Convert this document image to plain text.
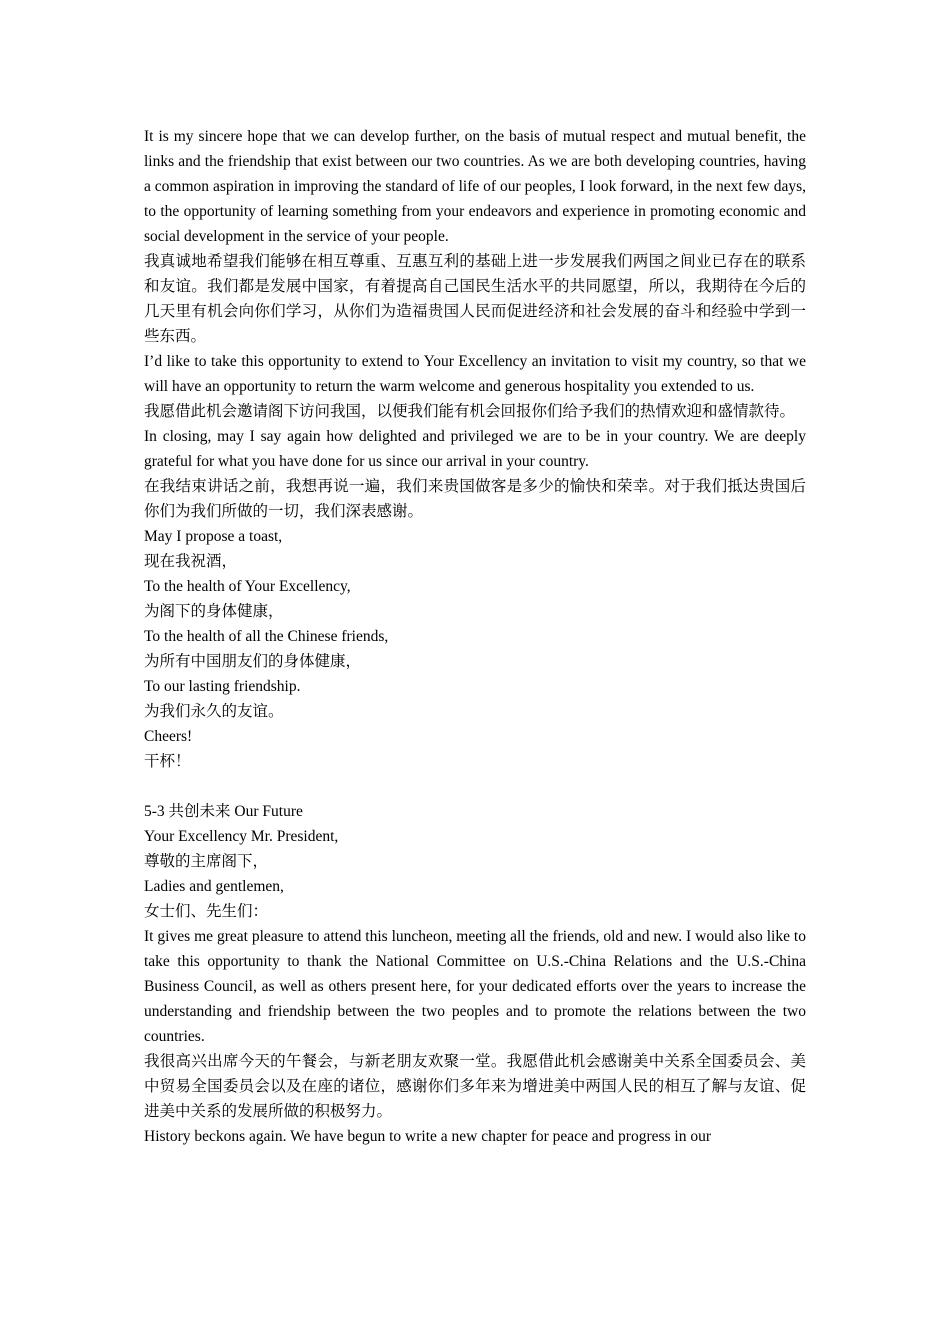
It is my sincere hope that we can develop further, on the basis of mutual respect and mutual benefit, the links and the friendship that exist between our two countries. As we are both developing countries, having a common aspiration in improving the standard of life of our peoples, I look forward, in the next few days, to the opportunity of learning something from your endeavors and experience in promoting economic and social development in the service of your people.

我真诚地希望我们能够在相互尊重、互惠互利的基础上进一步发展我们两国之间业已存在的联系和友谊。我们都是发展中国家，有着提高自己国民生活水平的共同愿望，所以，我期待在今后的几天里有机会向你们学习，从你们为造福贵国人民而促进经济和社会发展的奋斗和经验中学到一些东西。

I’d like to take this opportunity to extend to Your Excellency an invitation to visit my country, so that we will have an opportunity to return the warm welcome and generous hospitality you extended to us.

我愿借此机会邀请阁下访问我国，以便我们能有机会回报你们给予我们的热情欢迎和盛情款待。

In closing, may I say again how delighted and privileged we are to be in your country. We are deeply grateful for what you have done for us since our arrival in your country.

在我结束讲话之前，我想再说一遍，我们来贵国做客是多少的愉快和荣幸。对于我们抵达贵国后你们为我们所做的一切，我们深表感谢。

May I propose a toast,

现在我祝酒，

To the health of Your Excellency,

为阁下的身体健康，

To the health of all the Chinese friends,

为所有中国朋友们的身体健康，

To our lasting friendship.

为我们永久的友谊。

Cheers!

干杯！

5-3 共创未来 Our Future

Your Excellency Mr. President,

尊敬的主席阁下，

Ladies and gentlemen,

女士们、先生们：

It gives me great pleasure to attend this luncheon, meeting all the friends, old and new. I would also like to take this opportunity to thank the National Committee on U.S.-China Relations and the U.S.-China Business Council, as well as others present here, for your dedicated efforts over the years to increase the understanding and friendship between the two peoples and to promote the relations between the two countries.

我很高兴出席今天的午餐会，与新老朋友欢聚一堂。我愿借此机会感谢美中关系全国委员会、美中贸易全国委员会以及在座的诸位，感谢你们多年来为增进美中两国人民的相互了解与友谊、促进美中关系的发展所做的积极努力。

History beckons again. We have begun to write a new chapter for peace and progress in our
